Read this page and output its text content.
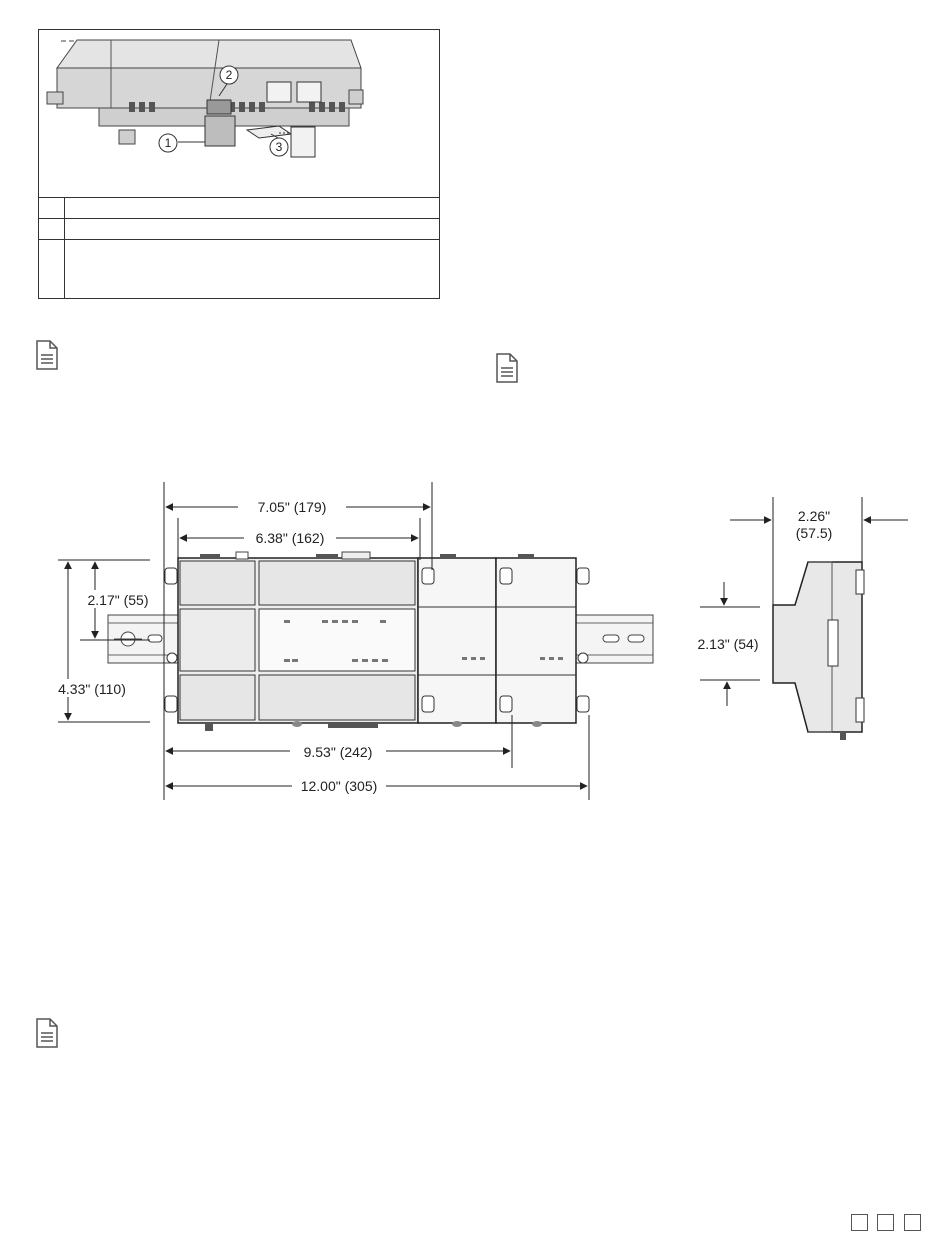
1
2
3
7.05" (179)
6.38" (162)
2.17" (55)
4.33" (110)
9.53" (242)
12.00" (305)
2.26"
(57.5)
2.13" (54)
